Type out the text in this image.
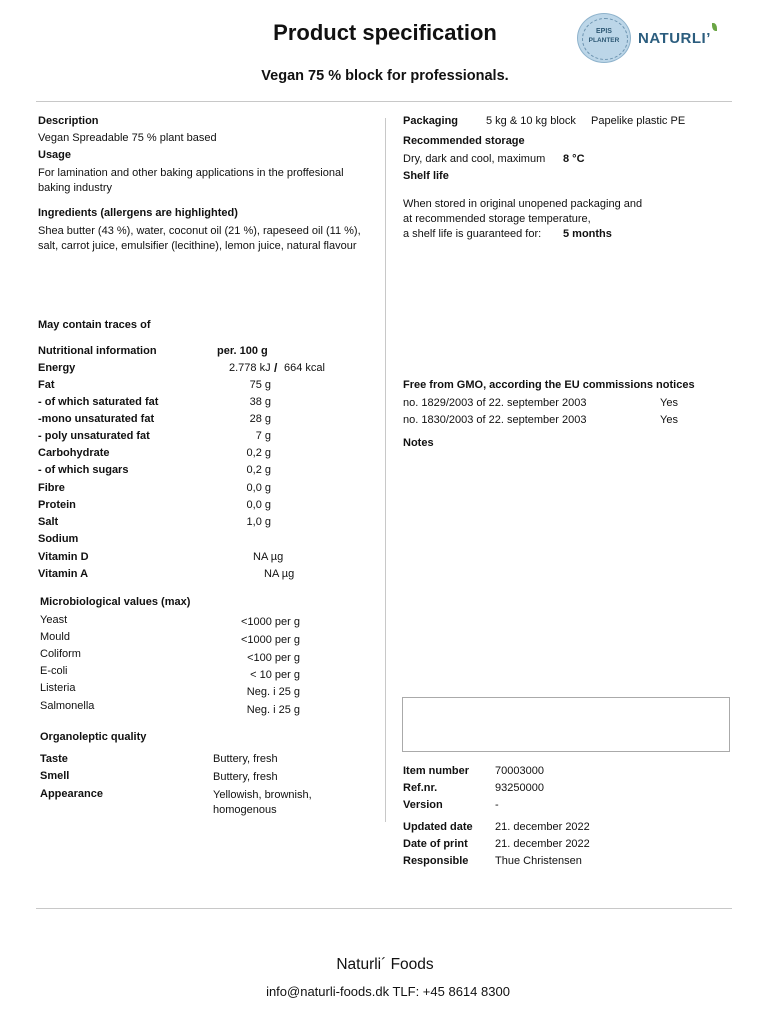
Product specification
Vegan 75 % block for professionals.
EPIS
PLANTER	NATURLI’
Description
Vegan Spreadable 75 % plant based
Usage
For lamination and other baking applications in the proffesional baking industry
Ingredients (allergens are highlighted)
Shea butter (43 %), water, coconut oil (21 %), rapeseed oil (11 %), salt, carrot juice, emulsifier (lecithine), lemon juice, natural flavour
May contain traces of
Nutritional information	per. 100 g
Energy	2.778 kJ / 664 kcal
Fat	75 g
- of which saturated fat	38 g
-mono unsaturated fat	28 g
- poly unsaturated fat	7 g
Carbohydrate	0,2 g
- of which sugars	0,2 g
Fibre	0,0 g
Protein	0,0 g
Salt	1,0 g
Sodium
Vitamin D	NA µg
Vitamin A	NA µg
Microbiological values (max)
Yeast	<1000 per g
Mould	<1000 per g
Coliform	<100 per g
E-coli	< 10 per g
Listeria	Neg. i 25 g
Salmonella	Neg. i 25 g
Organoleptic quality
Taste	Buttery, fresh
Smell	Buttery, fresh
Appearance	Yellowish, brownish,
homogenous
Packaging	5 kg & 10 kg block Papelike plastic PE
Recommended storage
Dry, dark and cool, maximum 8 °C
Shelf life
When stored in original unopened packaging and
at recommended storage temperature,
a shelf life is guaranteed for: 5 months
Free from GMO, according the EU commissions notices
no. 1829/2003 of 22. september 2003	Yes
no. 1830/2003 of 22. september 2003	Yes
Notes
Item number 70003000
Ref.nr.	93250000
Version	-
Updated date 21. december 2022
Date of print 21. december 2022
Responsible Thue Christensen
Naturli´ Foods
info@naturli-foods.dk TLF: +45 8614 8300
